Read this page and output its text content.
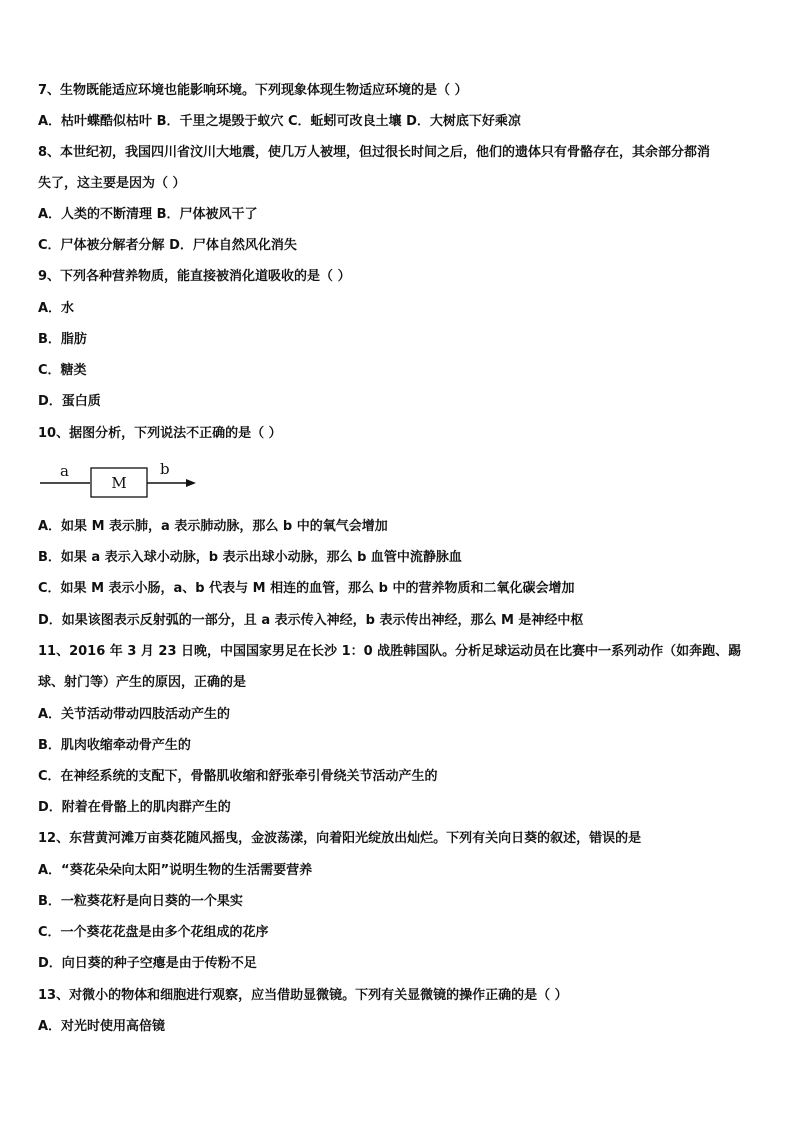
7、生物既能适应环境也能影响环境。下列现象体现生物适应环境的是（ ）
A．枯叶蝶酷似枯叶 B．千里之堤毁于蚁穴 C．蚯蚓可改良土壤 D．大树底下好乘凉
8、本世纪初，我国四川省汶川大地震，使几万人被埋，但过很长时间之后，他们的遗体只有骨骼存在，其余部分都消
失了，这主要是因为（ ）
A．人类的不断清理 B．尸体被风干了
C．尸体被分解者分解 D．尸体自然风化消失
9、下列各种营养物质，能直接被消化道吸收的是（ ）
A．水
B．脂肪
C．糖类
D．蛋白质
10、据图分析，下列说法不正确的是（ ）
a
M
b
A．如果 M 表示肺，a 表示肺动脉，那么 b 中的氧气会增加
B．如果 a 表示入球小动脉，b 表示出球小动脉，那么 b 血管中流静脉血
C．如果 M 表示小肠，a、b 代表与 M 相连的血管，那么 b 中的营养物质和二氧化碳会增加
D．如果该图表示反射弧的一部分，且 a 表示传入神经，b 表示传出神经，那么 M 是神经中枢
11、2016 年 3 月 23 日晚，中国国家男足在长沙 1：0 战胜韩国队。分析足球运动员在比赛中一系列动作（如奔跑、踢
球、射门等）产生的原因，正确的是
A．关节活动带动四肢活动产生的
B．肌肉收缩牵动骨产生的
C．在神经系统的支配下，骨骼肌收缩和舒张牵引骨绕关节活动产生的
D．附着在骨骼上的肌肉群产生的
12、东营黄河滩万亩葵花随风摇曳，金波荡漾，向着阳光绽放出灿烂。下列有关向日葵的叙述，错误的是
A．“葵花朵朵向太阳”说明生物的生活需要营养
B．一粒葵花籽是向日葵的一个果实
C．一个葵花花盘是由多个花组成的花序
D．向日葵的种子空瘪是由于传粉不足
13、对微小的物体和细胞进行观察，应当借助显微镜。下列有关显微镜的操作正确的是（ ）
A．对光时使用高倍镜
